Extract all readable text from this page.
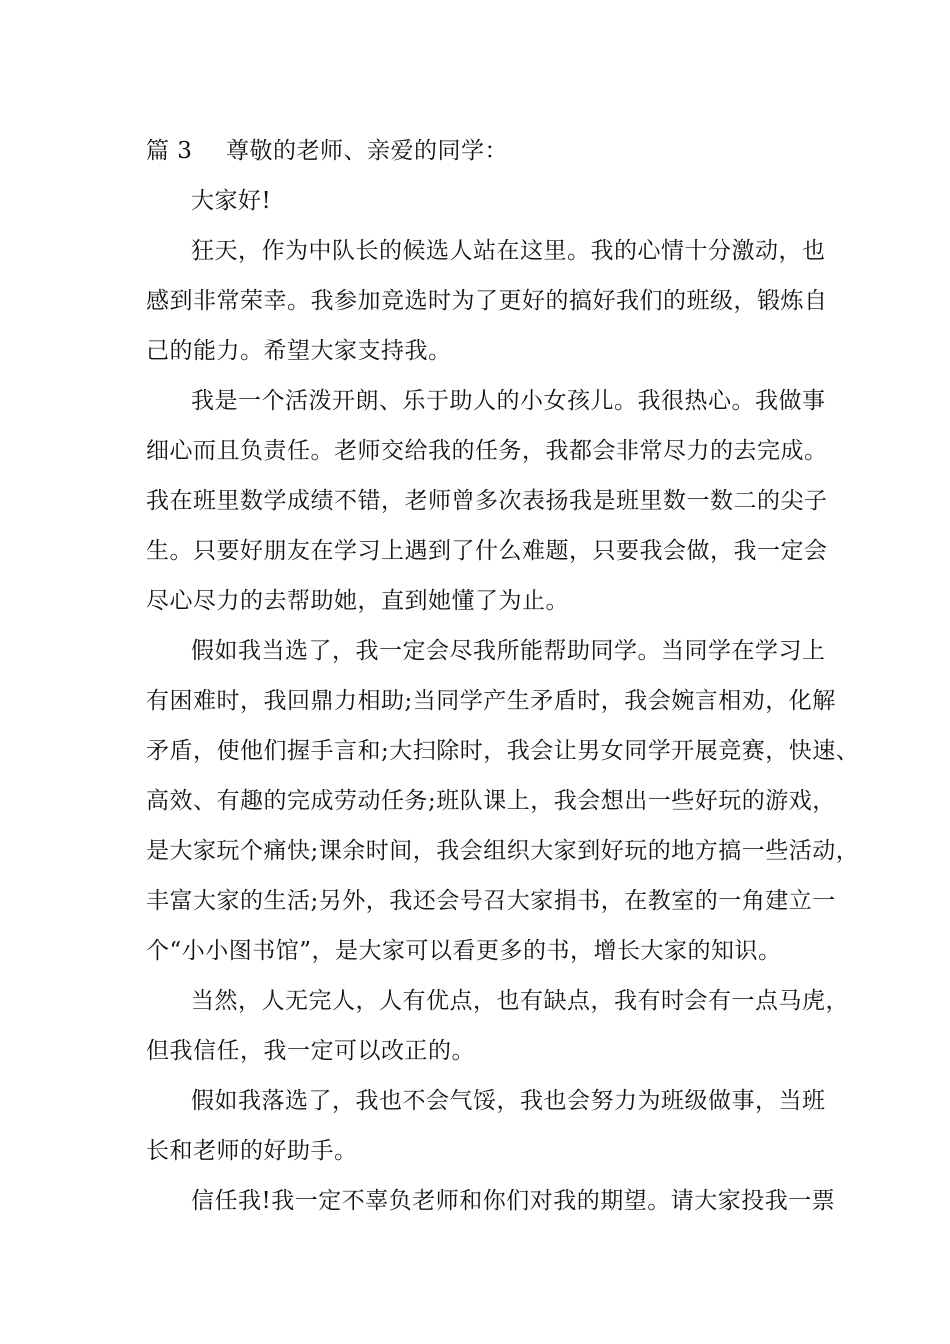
篇 3 尊敬的老师、亲爱的同学：
大家好!
狂天，作为中队长的候选人站在这里。我的心情十分激动，也
感到非常荣幸。我参加竞选时为了更好的搞好我们的班级，锻炼自
己的能力。希望大家支持我。
我是一个活泼开朗、乐于助人的小女孩儿。我很热心。我做事
细心而且负责任。老师交给我的任务，我都会非常尽力的去完成。
我在班里数学成绩不错，老师曾多次表扬我是班里数一数二的尖子
生。只要好朋友在学习上遇到了什么难题，只要我会做，我一定会
尽心尽力的去帮助她，直到她懂了为止。
假如我当选了，我一定会尽我所能帮助同学。当同学在学习上
有困难时，我回鼎力相助;当同学产生矛盾时，我会婉言相劝，化解
矛盾，使他们握手言和;大扫除时，我会让男女同学开展竞赛，快速、
高效、有趣的完成劳动任务;班队课上，我会想出一些好玩的游戏，
是大家玩个痛快;课余时间，我会组织大家到好玩的地方搞一些活动，
丰富大家的生活;另外，我还会号召大家捐书，在教室的一角建立一
个“小小图书馆”，是大家可以看更多的书，增长大家的知识。
当然，人无完人，人有优点，也有缺点，我有时会有一点马虎，
但我信任，我一定可以改正的。
假如我落选了，我也不会气馁，我也会努力为班级做事，当班
长和老师的好助手。
信任我!我一定不辜负老师和你们对我的期望。请大家投我一票
